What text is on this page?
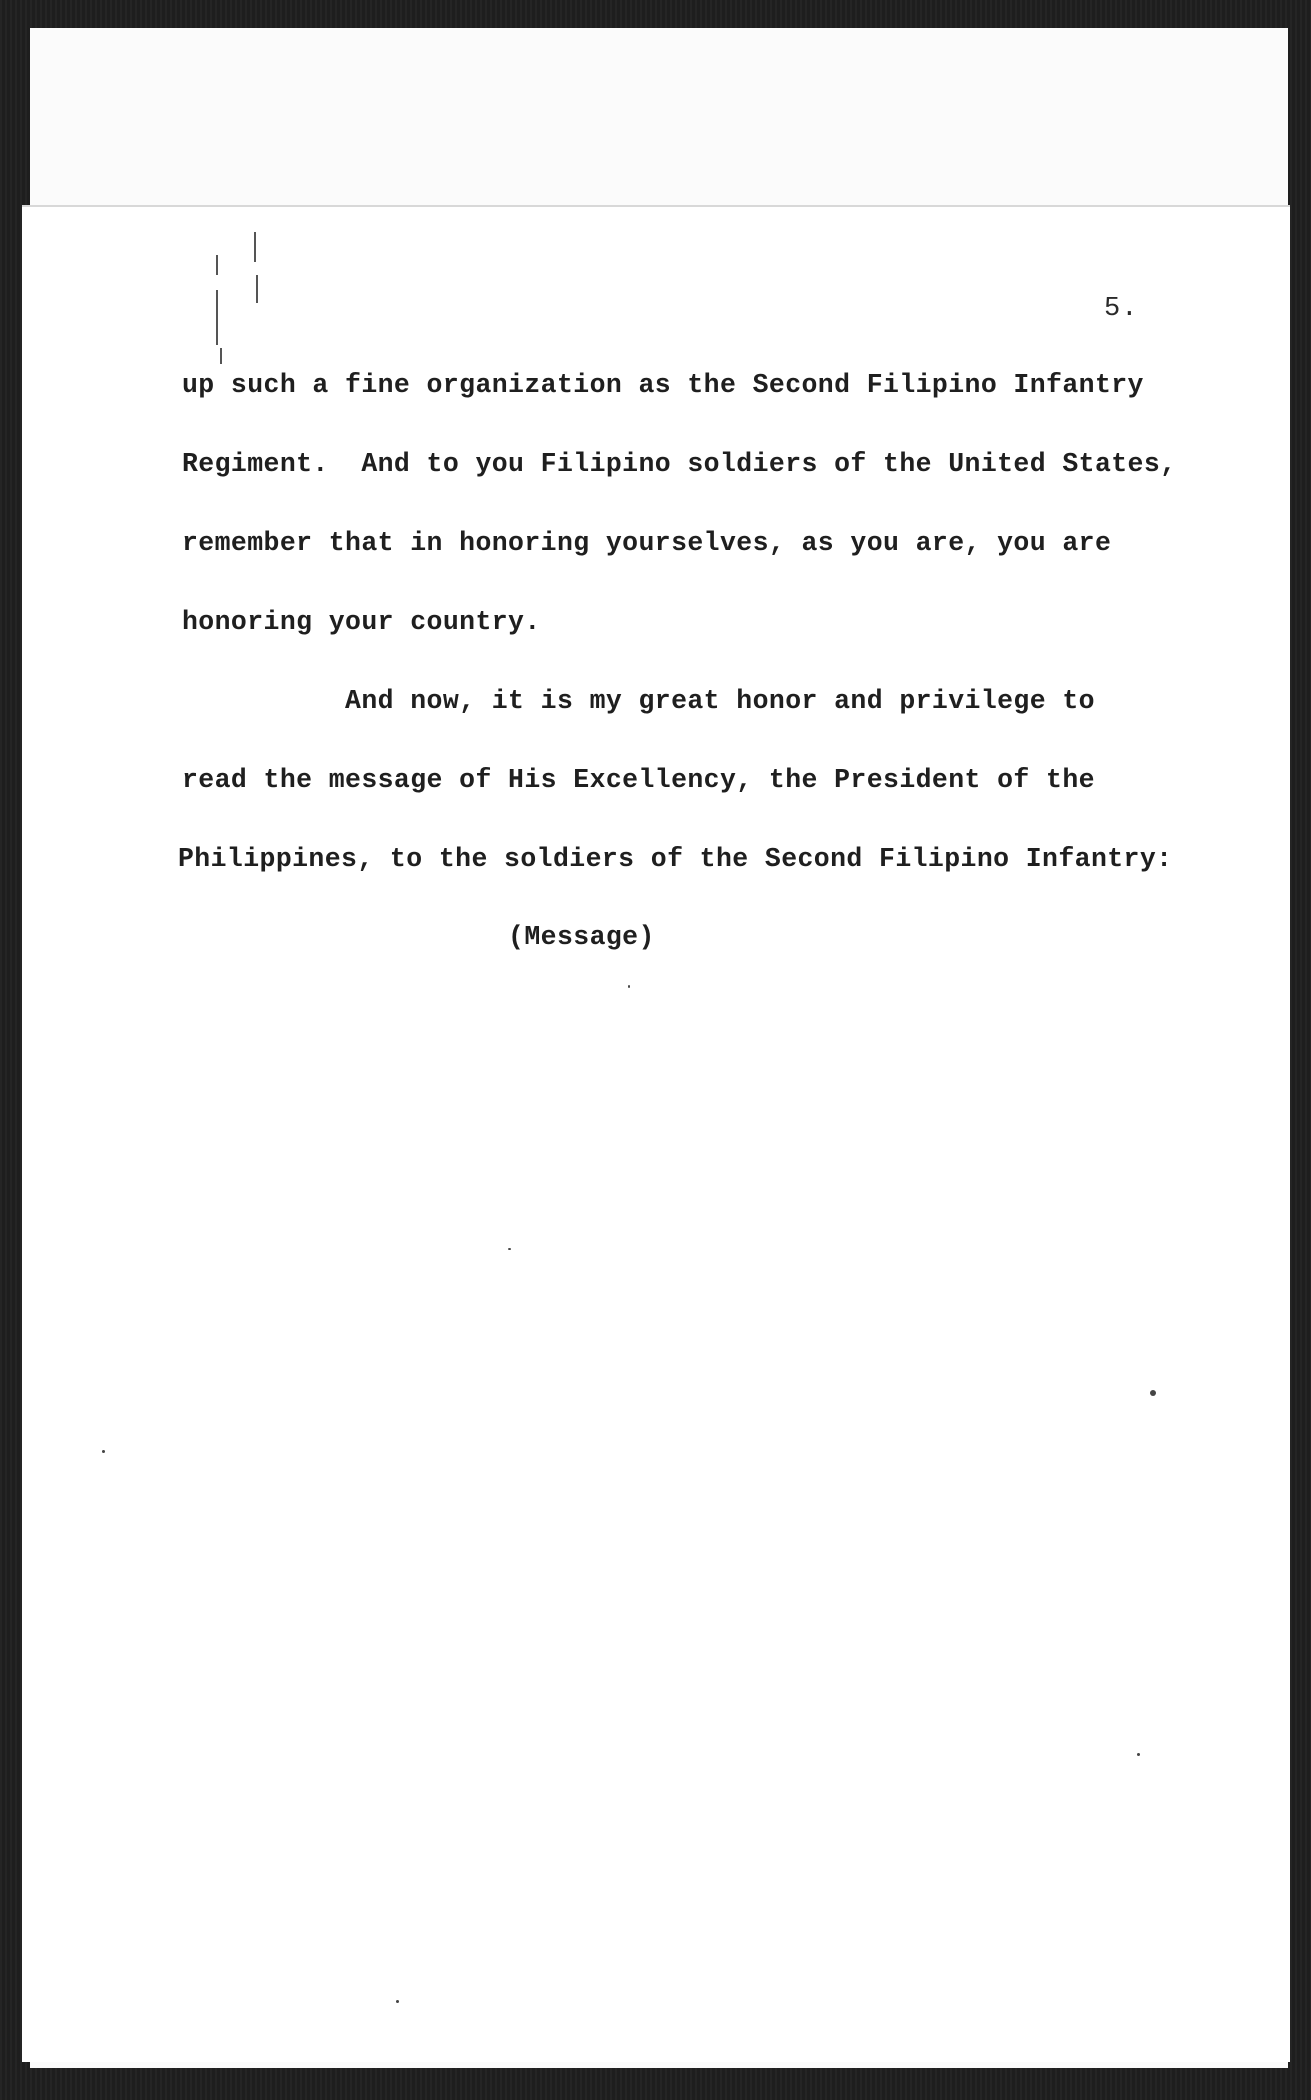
5.
up such a fine organization as the Second Filipino Infantry
Regiment.  And to you Filipino soldiers of the United States,
remember that in honoring yourselves, as you are, you are
honoring your country.
And now, it is my great honor and privilege to
read the message of His Excellency, the President of the
Philippines, to the soldiers of the Second Filipino Infantry:
(Message)
